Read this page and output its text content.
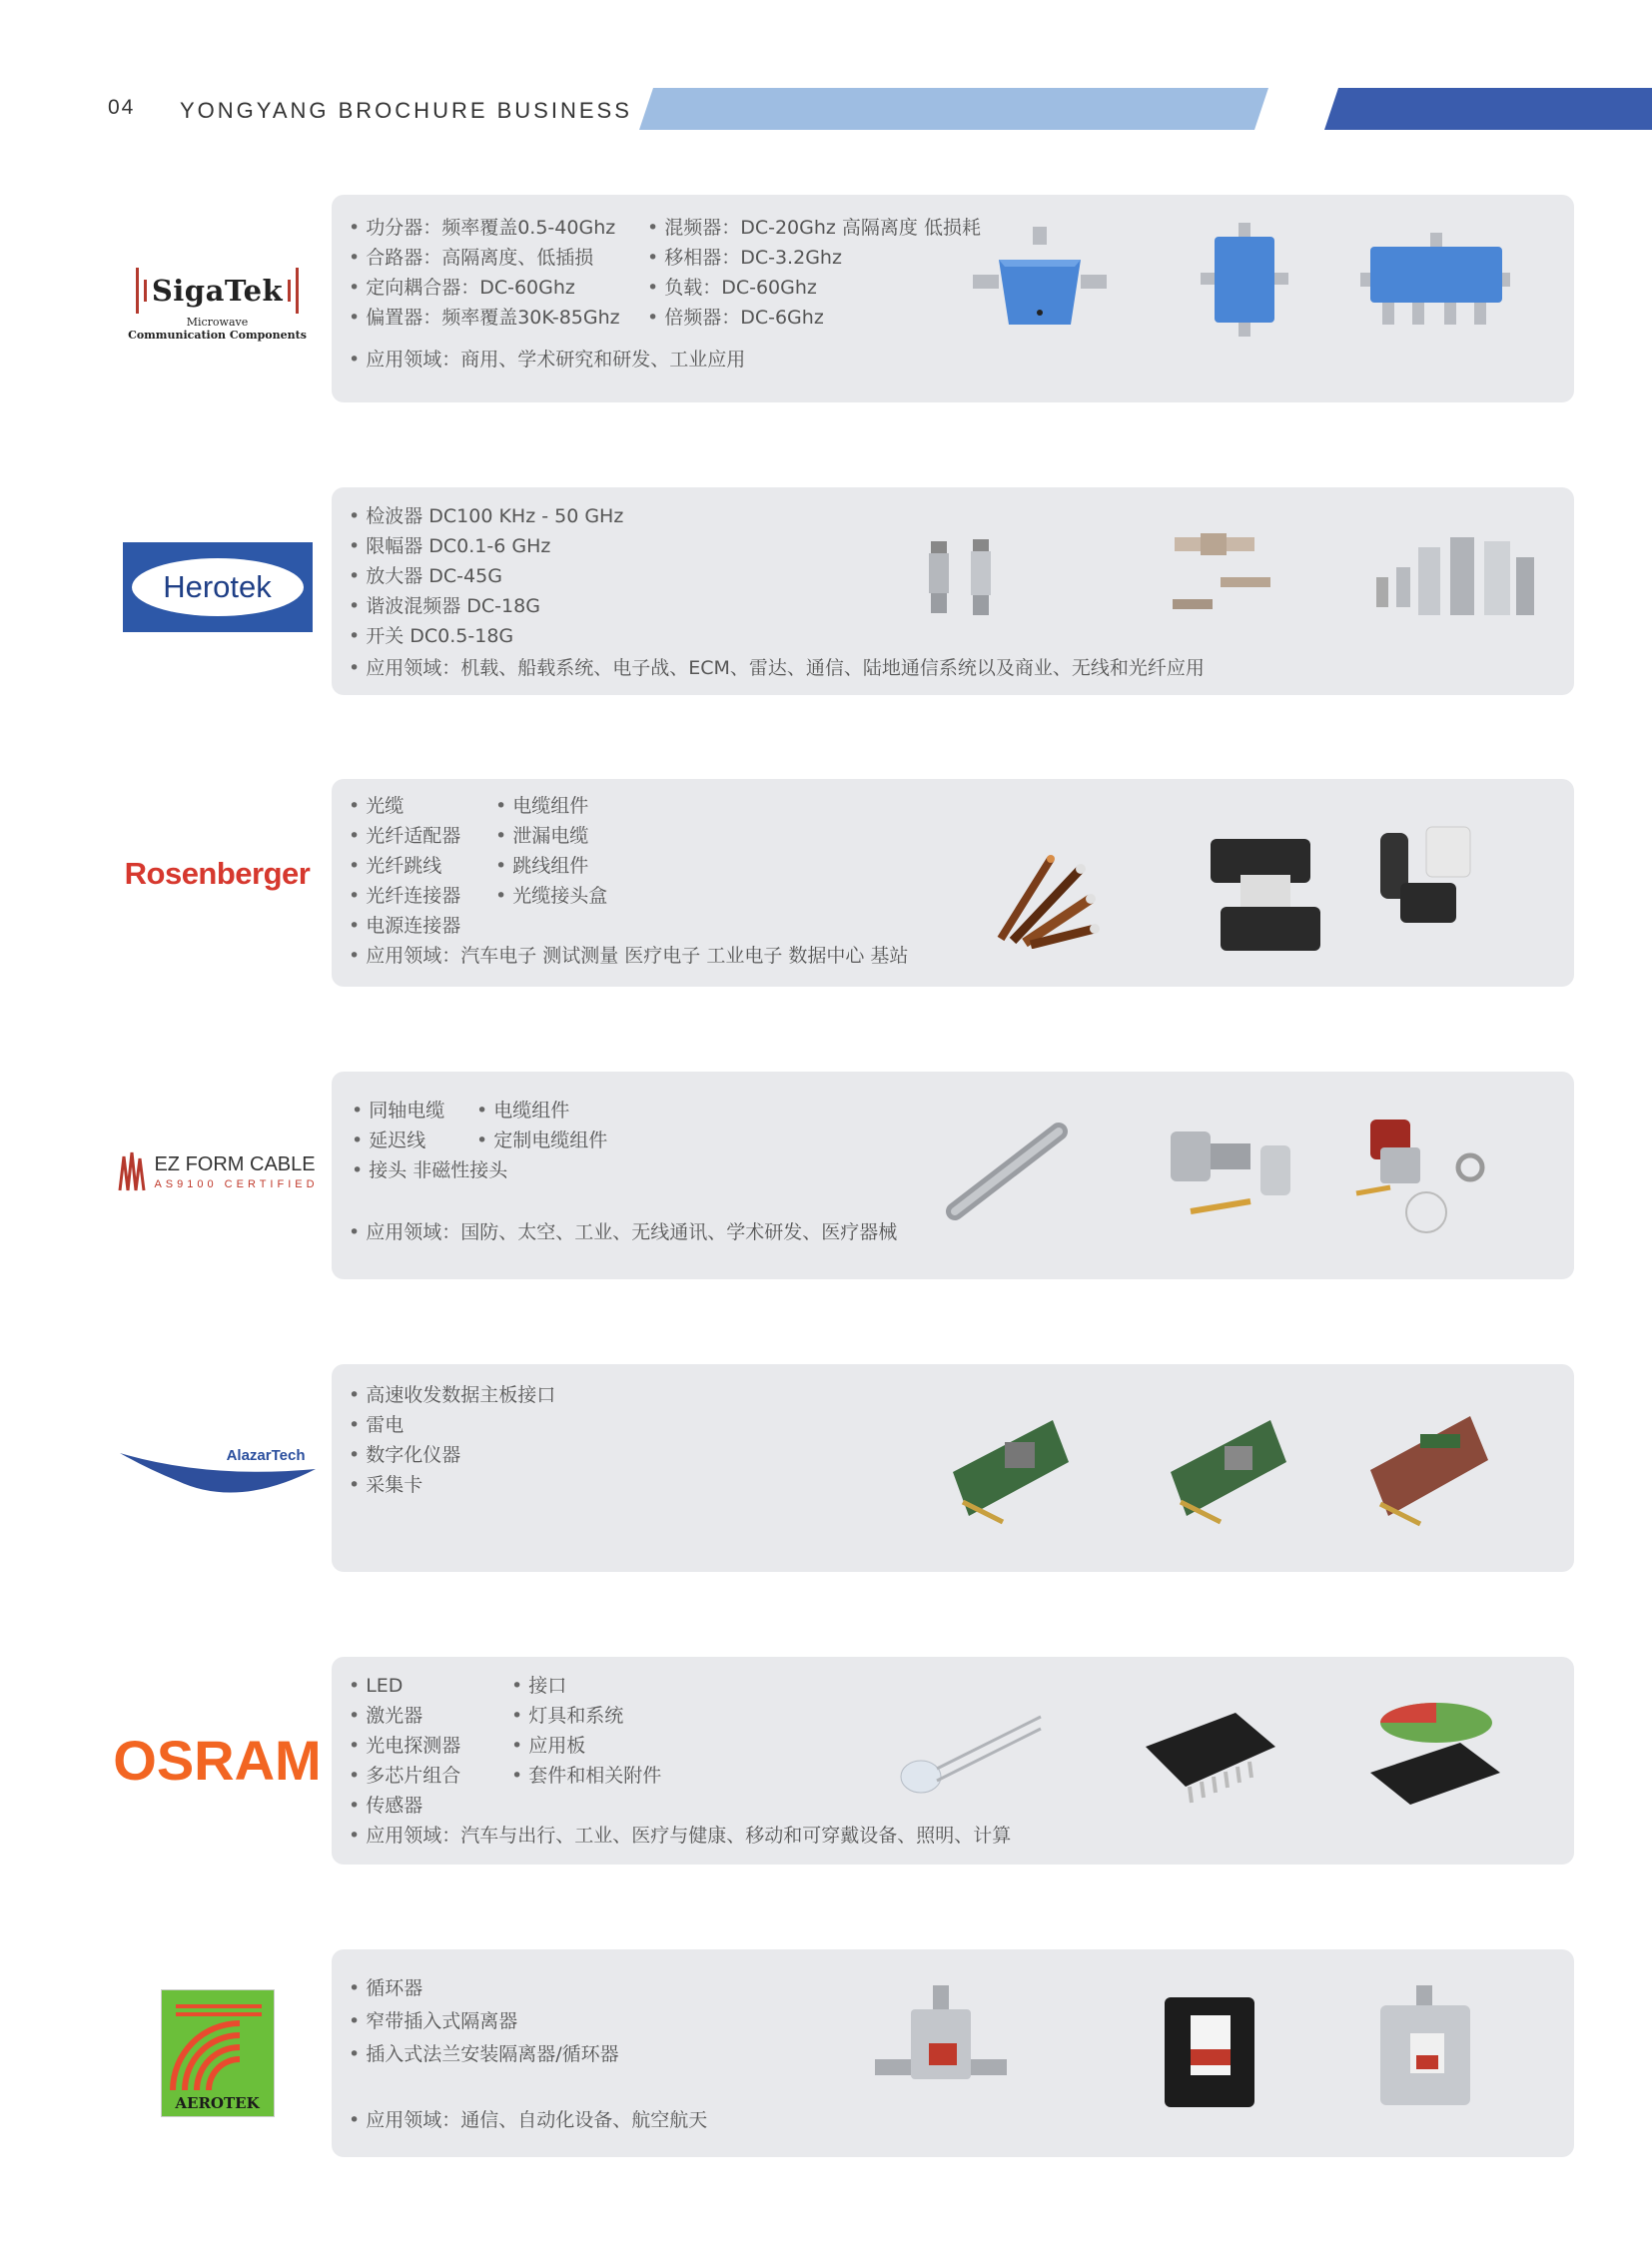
04 YONGYANG BROCHURE BUSINESS
SigaTek
Microwave
Communication Components
• 功分器：频率覆盖0.5-40Ghz
• 合路器：高隔离度、低插损
• 定向耦合器：DC-60Ghz
• 偏置器：频率覆盖30K-85Ghz
• 混频器：DC-20Ghz 高隔离度 低损耗
• 移相器：DC-3.2Ghz
• 负载：DC-60Ghz
• 倍频器：DC-6Ghz
• 应用领域：商用、学术研究和研发、工业应用
Herotek
• 检波器 DC100 KHz - 50 GHz
• 限幅器 DC0.1-6 GHz
• 放大器 DC-45G
• 谐波混频器 DC-18G
• 开关 DC0.5-18G
• 应用领域：机载、船载系统、电子战、ECM、雷达、通信、陆地通信系统以及商业、无线和光纤应用
Rosenberger
• 光缆
• 光纤适配器
• 光纤跳线
• 光纤连接器
• 电源连接器
• 电缆组件
• 泄漏电缆
• 跳线组件
• 光缆接头盒
• 应用领域：汽车电子 测试测量 医疗电子 工业电子 数据中心 基站
EZ FORM CABLE
AS9100 CERTIFIED
• 同轴电缆
• 延迟线
• 接头 非磁性接头
• 电缆组件
• 定制电缆组件
• 应用领域：国防、太空、工业、无线通讯、学术研发、医疗器械
AlazarTech
• 高速收发数据主板接口
• 雷电
• 数字化仪器
• 采集卡
OSRAM
• LED
• 激光器
• 光电探测器
• 多芯片组合
• 传感器
• 接口
• 灯具和系统
• 应用板
• 套件和相关附件
• 应用领域：汽车与出行、工业、医疗与健康、移动和可穿戴设备、照明、计算
AEROTEK
• 循环器
• 窄带插入式隔离器
• 插入式法兰安装隔离器/循环器
• 应用领域：通信、自动化设备、航空航天
